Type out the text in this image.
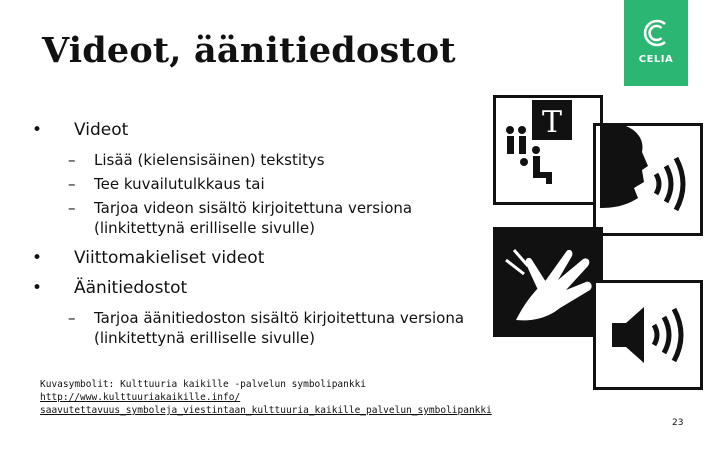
Videot, äänitiedostot	CELIA
•	Videot
–	Lisää (kielensisäinen) tekstitys
–	Tee kuvailutulkkaus tai
–	Tarjoa videon sisältö kirjoitettuna versiona (linkitettynä erilliselle sivulle)
•	Viittomakieliset videot
•	Äänitiedostot
–	Tarjoa äänitiedoston sisältö kirjoitettuna versiona (linkitettynä erilliselle sivulle)
T
Kuvasymbolit: Kulttuuria kaikille -palvelun symbolipankki
http://www.kulttuuriakaikille.info/
saavutettavuus_symboleja_viestintaan_kulttuuria_kaikille_palvelun_symbolipankki
23
